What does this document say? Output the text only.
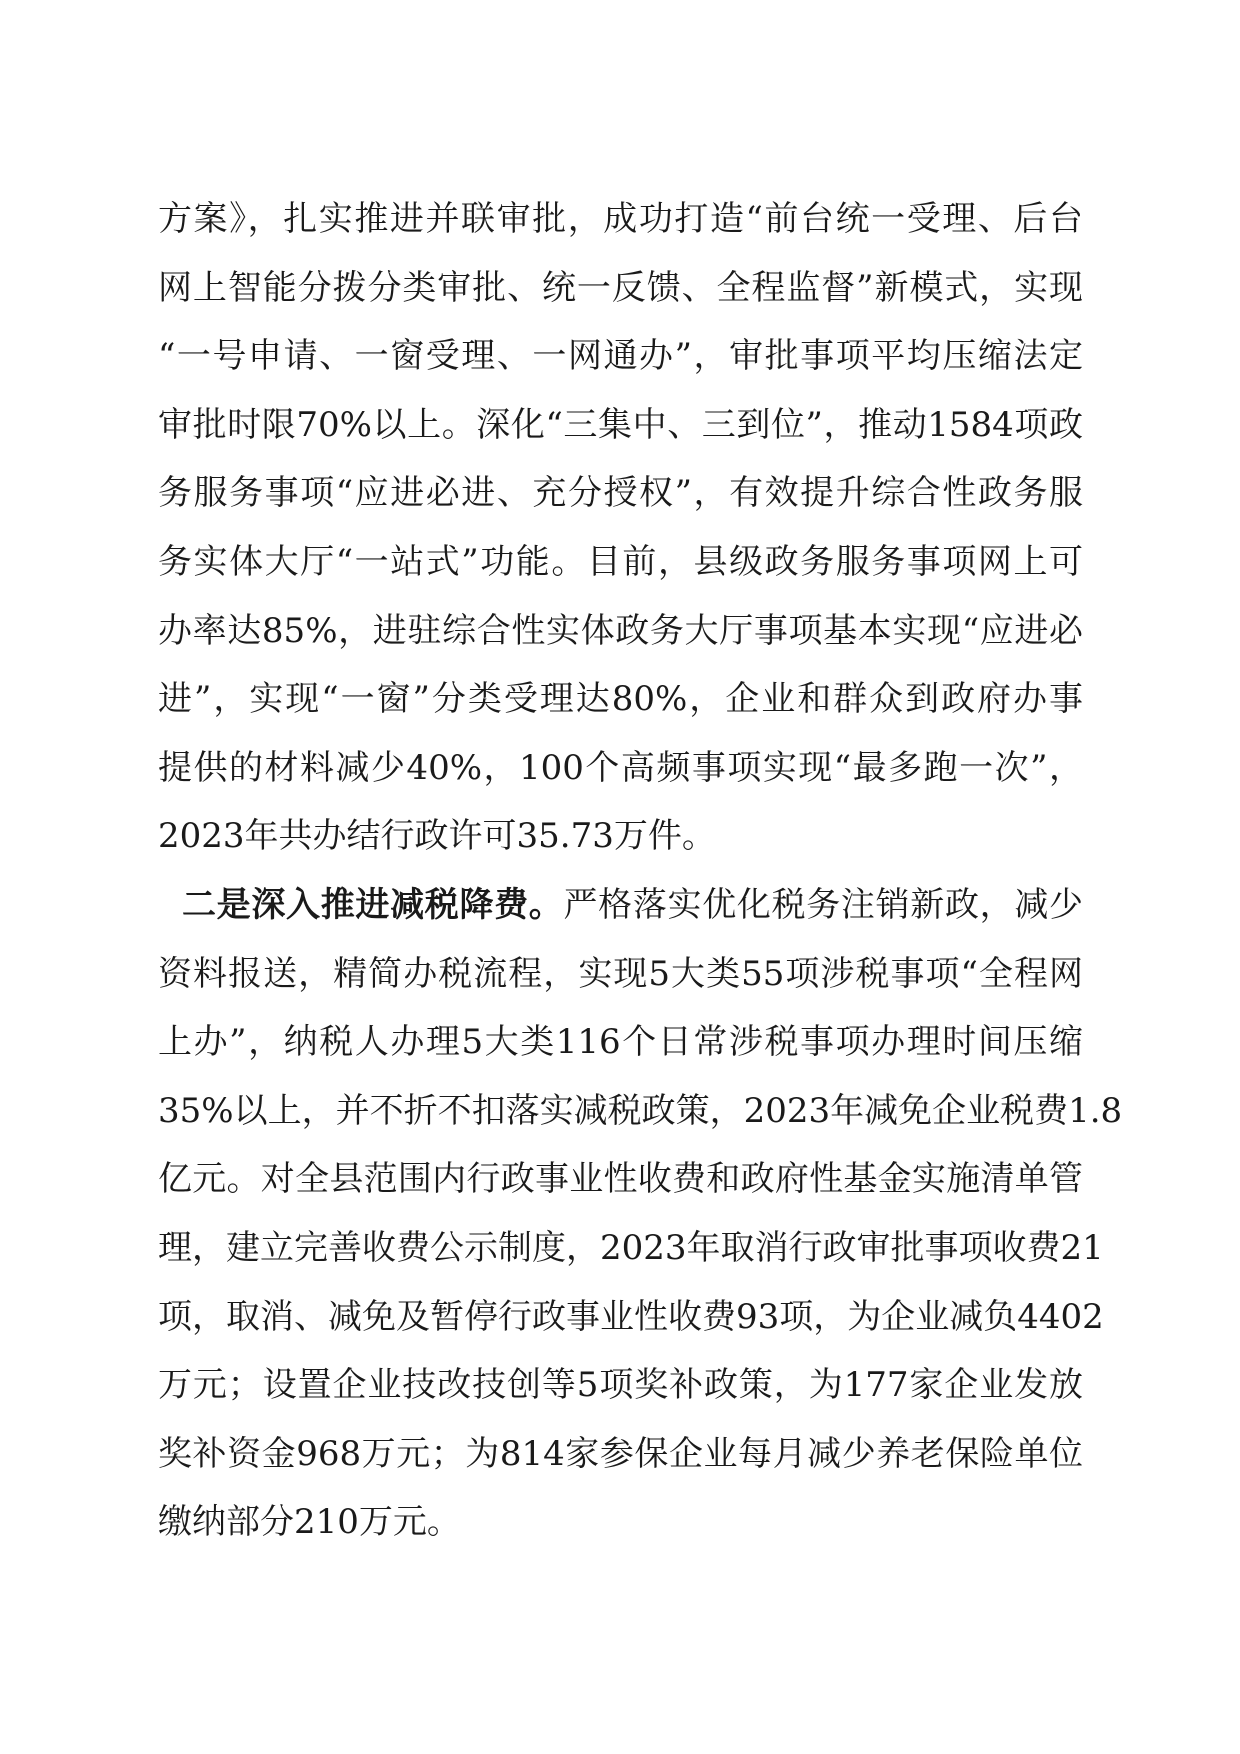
方案》，扎实推进并联审批，成功打造“前台统一受理、后台
网上智能分拨分类审批、统一反馈、全程监督”新模式，实现
“一号申请、一窗受理、一网通办”，审批事项平均压缩法定
审批时限70%以上。深化“三集中、三到位”，推动1584项政
务服务事项“应进必进、充分授权”，有效提升综合性政务服
务实体大厅“一站式”功能。目前，县级政务服务事项网上可
办率达85%，进驻综合性实体政务大厅事项基本实现“应进必
进”，实现“一窗”分类受理达80%，企业和群众到政府办事
提供的材料减少40%，100个高频事项实现“最多跑一次”，
2023年共办结行政许可35.73万件。
二是深入推进减税降费。严格落实优化税务注销新政，减少
资料报送，精简办税流程，实现5大类55项涉税事项“全程网
上办”，纳税人办理5大类116个日常涉税事项办理时间压缩
35%以上，并不折不扣落实减税政策，2023年减免企业税费1.8
亿元。对全县范围内行政事业性收费和政府性基金实施清单管
理，建立完善收费公示制度，2023年取消行政审批事项收费21
项，取消、减免及暂停行政事业性收费93项，为企业减负4402
万元；设置企业技改技创等5项奖补政策，为177家企业发放
奖补资金968万元；为814家参保企业每月减少养老保险单位
缴纳部分210万元。
